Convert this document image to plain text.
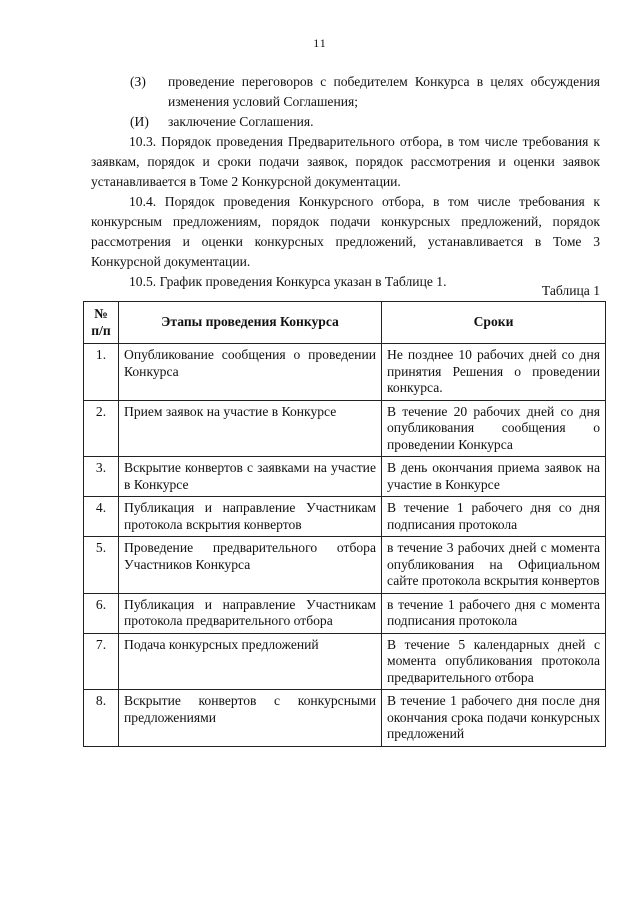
11
(З)	проведение переговоров с победителем Конкурса в целях обсуждения изменения условий Соглашения;
(И)	заключение Соглашения.

10.3. Порядок проведения Предварительного отбора, в том числе требования к заявкам, порядок и сроки подачи заявок, порядок рассмотрения и оценки заявок устанавливается в Томе 2 Конкурсной документации.

10.4. Порядок проведения Конкурсного отбора, в том числе требования к конкурсным предложениям, порядок подачи конкурсных предложений, порядок рассмотрения и оценки конкурсных предложений, устанавливается в Томе 3 Конкурсной документации.

10.5. График проведения Конкурса указан в Таблице 1.

Таблица 1
№ п/п	Этапы проведения Конкурса	Сроки
1.	Опубликование сообщения о проведении Конкурса	Не позднее 10 рабочих дней со дня принятия Решения о проведении конкурса.
2.	Прием заявок на участие в Конкурсе	В течение 20 рабочих дней со дня опубликования сообщения о проведении Конкурса
3.	Вскрытие конвертов с заявками на участие в Конкурсе	В день окончания приема заявок на участие в Конкурсе
4.	Публикация и направление Участникам протокола вскрытия конвертов	В течение 1 рабочего дня со дня подписания протокола
5.	Проведение предварительного отбора Участников Конкурса	в течение 3 рабочих дней с момента опубликования на Официальном сайте протокола вскрытия конвертов
6.	Публикация и направление Участникам протокола предварительного отбора	в течение 1 рабочего дня с момента подписания протокола
7.	Подача конкурсных предложений	В течение 5 календарных дней с момента опубликования протокола предварительного отбора
8.	Вскрытие конвертов с конкурсными предложениями	В течение 1 рабочего дня после дня окончания срока подачи конкурсных предложений
